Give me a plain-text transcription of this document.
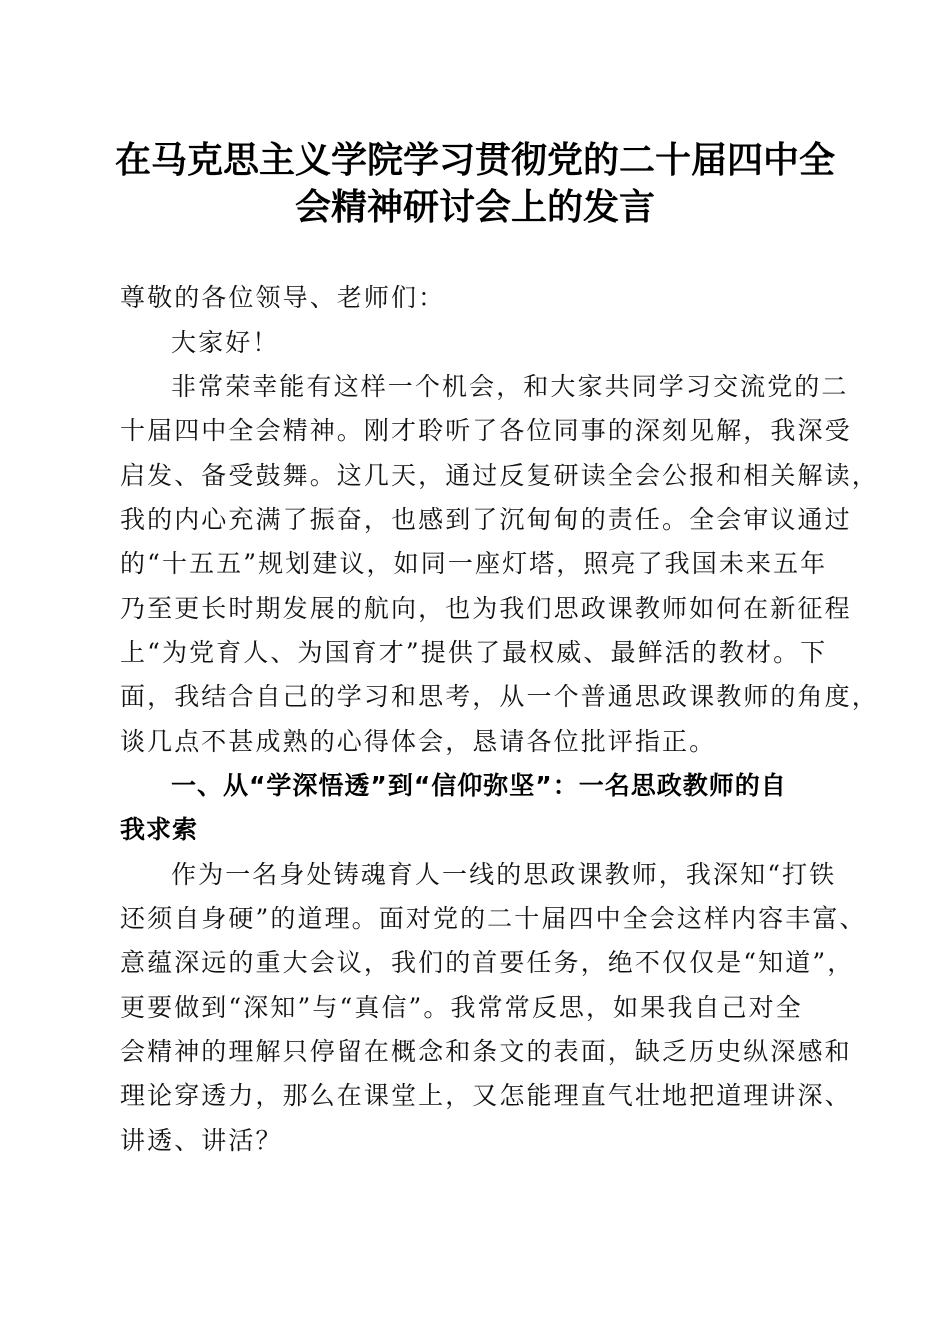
在马克思主义学院学习贯彻党的二十届四中全
会精神研讨会上的发言
尊敬的各位领导、老师们：
大家好！
非常荣幸能有这样一个机会，和大家共同学习交流党的二
十届四中全会精神。刚才聆听了各位同事的深刻见解，我深受
启发、备受鼓舞。这几天，通过反复研读全会公报和相关解读，
我的内心充满了振奋，也感到了沉甸甸的责任。全会审议通过
的“十五五”规划建议，如同一座灯塔，照亮了我国未来五年
乃至更长时期发展的航向，也为我们思政课教师如何在新征程
上“为党育人、为国育才”提供了最权威、最鲜活的教材。下
面，我结合自己的学习和思考，从一个普通思政课教师的角度，
谈几点不甚成熟的心得体会，恳请各位批评指正。
一、从“学深悟透”到“信仰弥坚”：一名思政教师的自
我求索
作为一名身处铸魂育人一线的思政课教师，我深知“打铁
还须自身硬”的道理。面对党的二十届四中全会这样内容丰富、
意蕴深远的重大会议，我们的首要任务，绝不仅仅是“知道”，
更要做到“深知”与“真信”。我常常反思，如果我自己对全
会精神的理解只停留在概念和条文的表面，缺乏历史纵深感和
理论穿透力，那么在课堂上，又怎能理直气壮地把道理讲深、
讲透、讲活？
